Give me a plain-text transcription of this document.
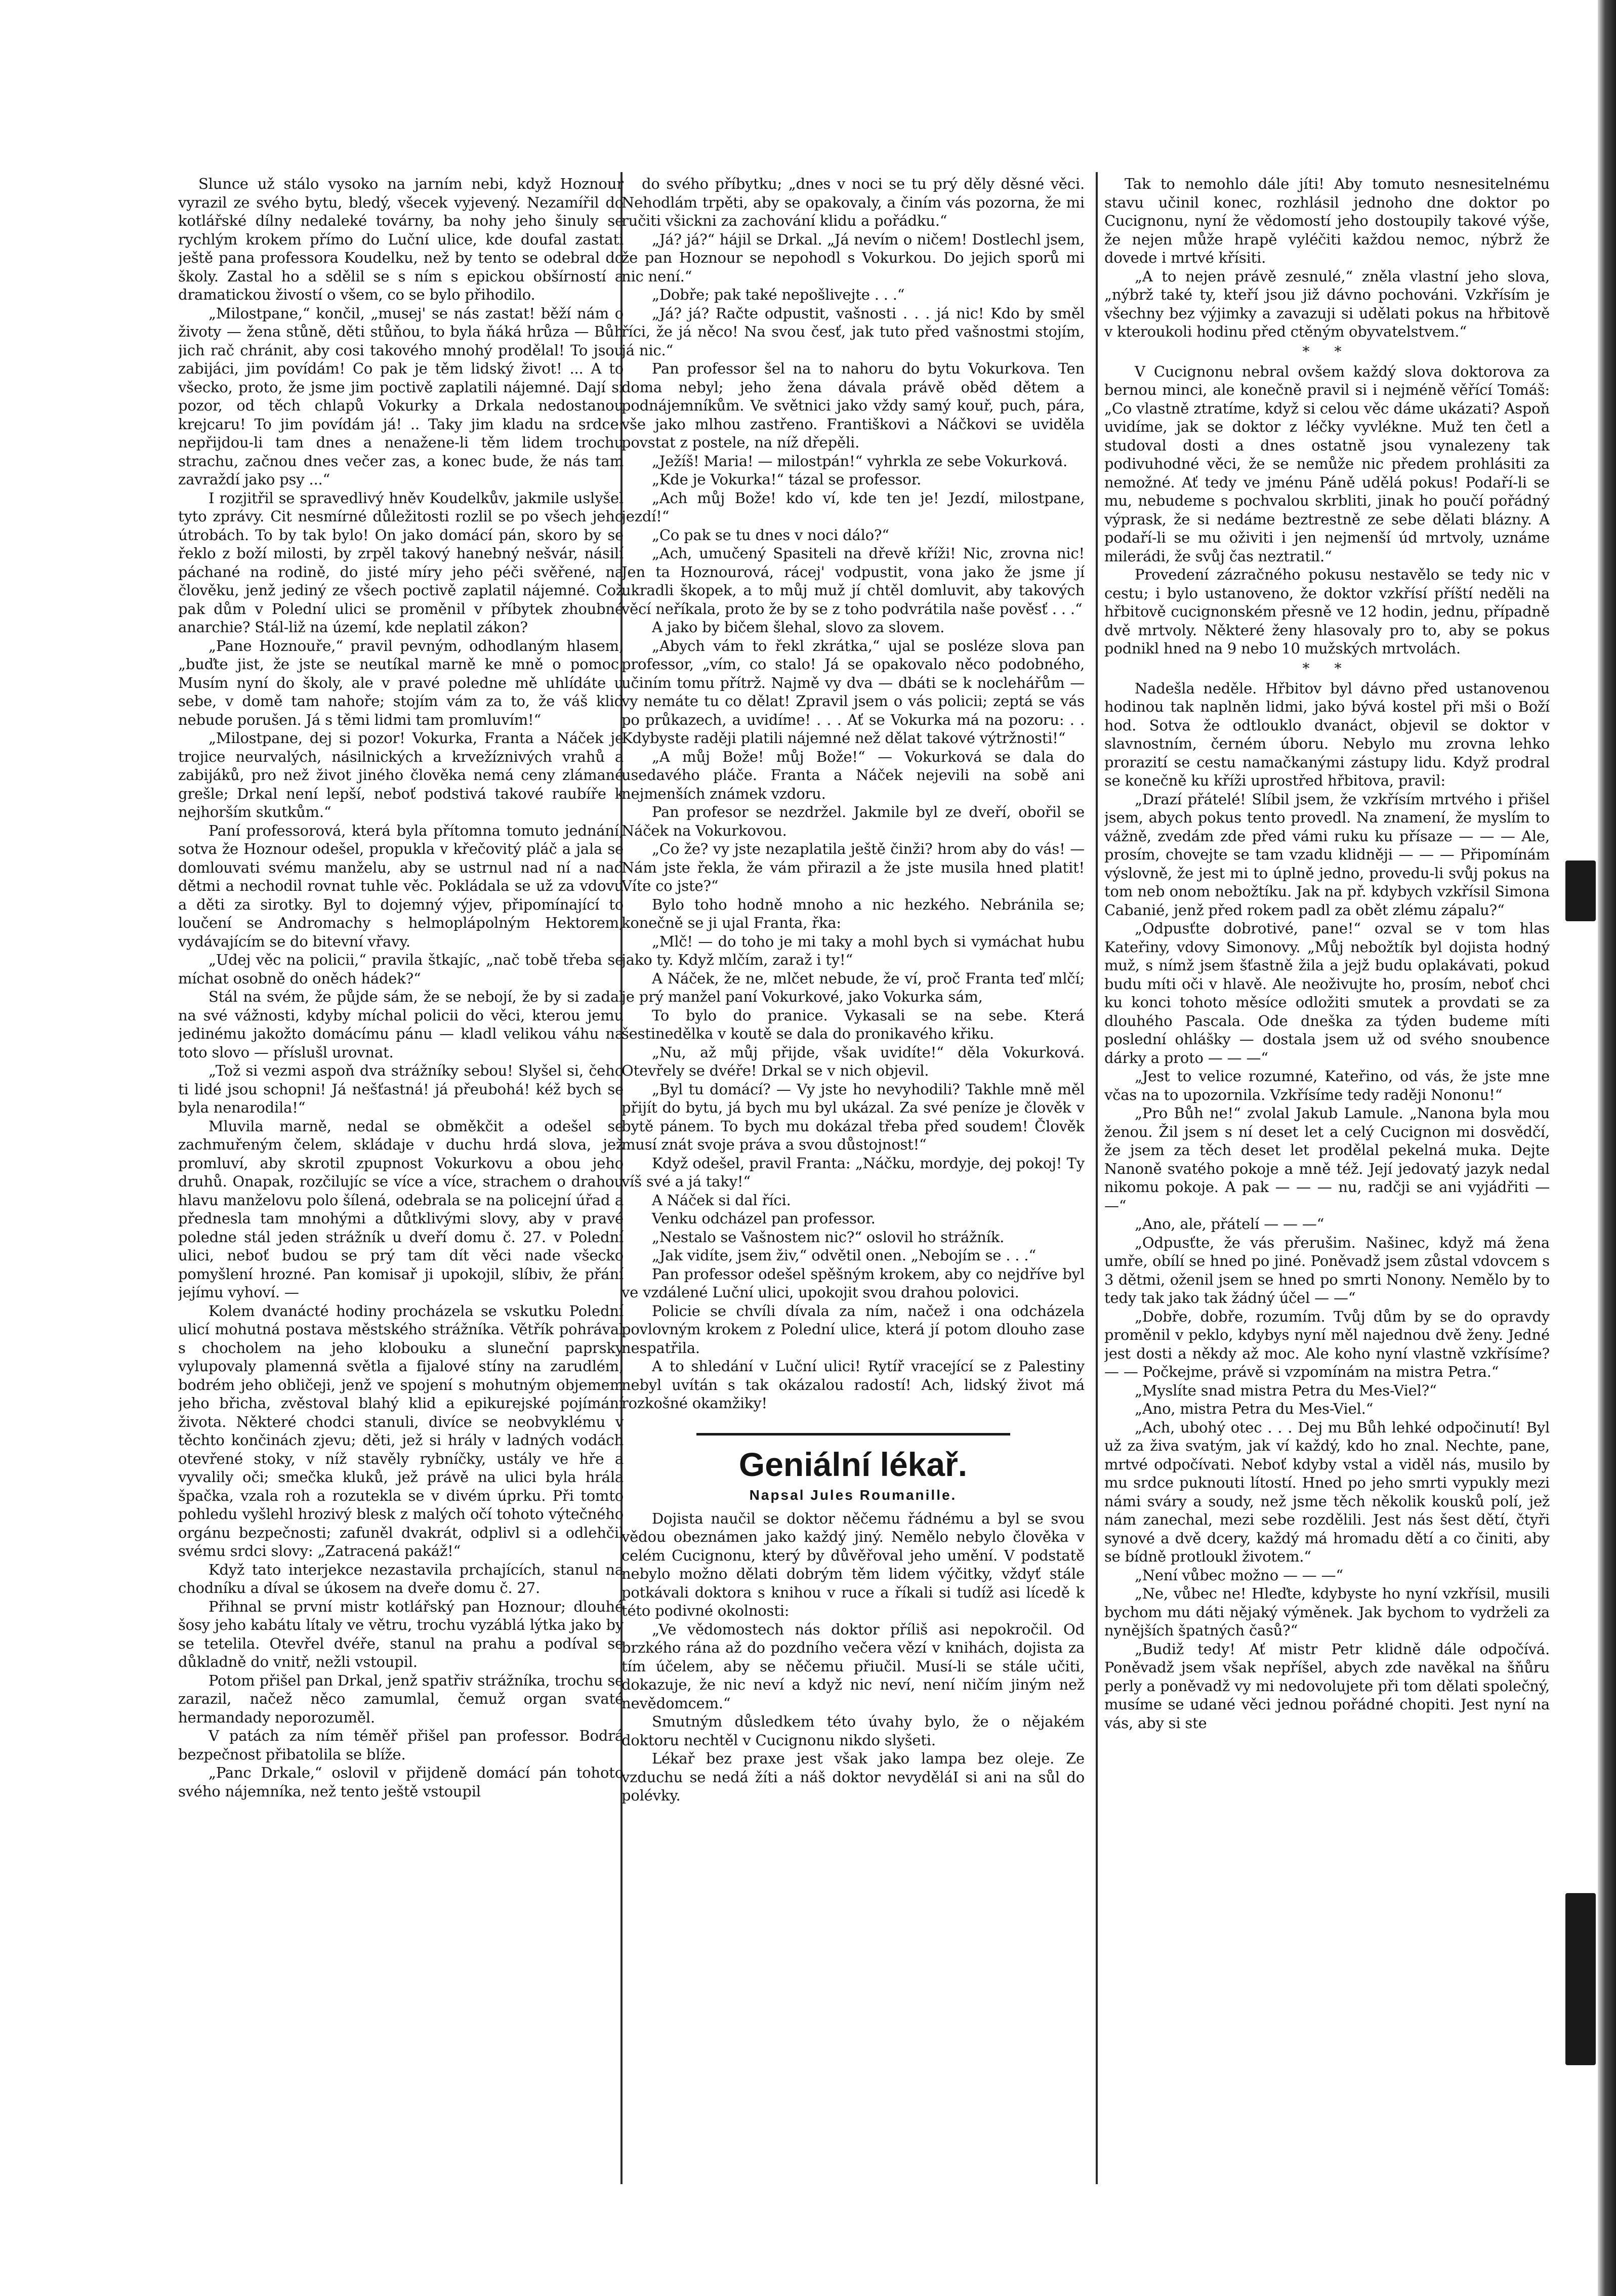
Slunce už stálo vysoko na jarním nebi, když Hoznour vyrazil ze svého bytu, bledý, všecek vyjevený. Nezamířil do kotlářské dílny nedaleké továrny, ba nohy jeho šinuly se rychlým krokem přímo do Luční ulice, kde doufal zastati ještě pana professora Koudelku, než by tento se odebral do školy. Zastal ho a sdělil se s ním s epickou obšírností a dramatickou živostí o všem, co se bylo přihodilo.

„Milostpane,“ končil, „musej' se nás zastat! běží nám o životy — žena stůně, děti stůňou, to byla ňáká hrůza — Bůh jich rač chránit, aby cosi takového mnohý prodělal! To jsou zabijáci, jim povídám! Co pak je těm lidský život! ... A to všecko, proto, že jsme jim poctivě zaplatili nájemné. Dají si pozor, od těch chlapů Vokurky a Drkala nedostanou krejcaru! To jim povídám já! .. Taky jim kladu na srdce: nepřijdou-li tam dnes a nenažene-li těm lidem trochu strachu, začnou dnes večer zas, a konec bude, že nás tam zavraždí jako psy ...“

I rozjitřil se spravedlivý hněv Koudelkův, jakmile uslyšel tyto zprávy. Cit nesmírné důležitosti rozlil se po všech jeho útrobách. To by tak bylo! On jako domácí pán, skoro by se řeklo z boží milosti, by zrpěl takový hanebný nešvár, násilí páchané na rodině, do jisté míry jeho péči svěřené, na člověku, jenž jediný ze všech poctivě zaplatil nájemné. Což pak dům v Polední ulici se proměnil v příbytek zhoubné anarchie? Stál-liž na území, kde neplatil zákon?

„Pane Hoznouře,“ pravil pevným, odhodlaným hlasem, „buďte jist, že jste se neutíkal marně ke mně o pomoc. Musím nyní do školy, ale v pravé poledne mě uhlídáte u sebe, v domě tam nahoře; stojím vám za to, že váš klid nebude porušen. Já s těmi lidmi tam promluvím!“

„Milostpane, dej si pozor! Vokurka, Franta a Náček je trojice neurvalých, násilnických a krvežíznivých vrahů a zabijáků, pro než život jiného člověka nemá ceny zlámané grešle; Drkal není lepší, neboť podstivá takové raubíře k nejhorším skutkům.“

Paní professorová, která byla přítomna tomuto jednání, sotva že Hoznour odešel, propukla v křečovitý pláč a jala se domlouvati svému manželu, aby se ustrnul nad ní a nad dětmi a nechodil rovnat tuhle věc. Pokládala se už za vdovu a děti za sirotky. Byl to dojemný výjev, připomínající to loučení se Andromachy s helmoplápolným Hektorem, vydávajícím se do bitevní vřavy.

„Udej věc na policii,“ pravila štkajíc, „nač tobě třeba se míchat osobně do oněch hádek?“

Stál na svém, že půjde sám, že se nebojí, že by si zadal na své vážnosti, kdyby míchal policii do věci, kterou jemu jedinému jakožto domácímu pánu — kladl velikou váhu na toto slovo — příslušl urovnat.

„Tož si vezmi aspoň dva strážníky sebou! Slyšel si, čeho ti lidé jsou schopni! Já nešťastná! já přeubohá! kéž bych se byla nenarodila!“

Mluvila marně, nedal se obměkčit a odešel se zachmuřeným čelem, skládaje v duchu hrdá slova, jež promluví, aby skrotil zpupnost Vokurkovu a obou jeho druhů. Onapak, rozčilujíc se více a více, strachem o drahou hlavu manželovu polo šílená, odebrala se na policejní úřad a přednesla tam mnohými a důtklivými slovy, aby v pravé poledne stál jeden strážník u dveří domu č. 27. v Polední ulici, neboť budou se prý tam dít věci nade všecko pomyšlení hrozné. Pan komisař ji upokojil, slíbiv, že přání jejímu vyhoví. —

Kolem dvanácté hodiny procházela se vskutku Polední ulicí mohutná postava městského strážníka. Větřík pohrával s chocholem na jeho klobouku a sluneční paprsky vylupovaly plamenná světla a fijalové stíny na zarudlém, bodrém jeho obličeji, jenž ve spojení s mohutným objemem jeho břicha, zvěstoval blahý klid a epikurejské pojímání života. Některé chodci stanuli, divíce se neobvyklému v těchto končinách zjevu; děti, jež si hrály v ladných vodách otevřené stoky, v níž stavěly rybníčky, ustály ve hře a vyvalily oči; smečka kluků, jež právě na ulici byla hrála špačka, vzala roh a rozutekla se v divém úprku. Při tomto pohledu vyšlehl hrozivý blesk z malých očí tohoto výtečného orgánu bezpečnosti; zafuněl dvakrát, odplivl si a odlehčil svému srdci slovy: „Zatracená pakáž!“

Když tato interjekce nezastavila prchajících, stanul na chodníku a díval se úkosem na dveře domu č. 27.

Přihnal se první mistr kotlářský pan Hoznour; dlouhé šosy jeho kabátu lítaly ve větru, trochu vyzáblá lýtka jako by se tetelila. Otevřel dvéře, stanul na prahu a podíval se důkladně do vnitř, nežli vstoupil.

Potom přišel pan Drkal, jenž spatřiv strážníka, trochu se zarazil, načež něco zamumlal, čemuž organ svaté hermandady neporozuměl.

V patách za ním téměř přišel pan professor. Bodrá bezpečnost přibatolila se blíže.

„Panc Drkale,“ oslovil v přijdeně domácí pán tohoto svého nájemníka, než tento ještě vstoupil

do svého příbytku; „dnes v noci se tu prý děly děsné věci. Nehodlám trpěti, aby se opakovaly, a činím vás pozorna, že mi ručiti všickni za zachování klidu a pořádku.“

„Já? já?“ hájil se Drkal. „Já nevím o ničem! Dostlechl jsem, že pan Hoznour se nepohodl s Vokurkou. Do jejich sporů mi nic není.“

„Dobře; pak také nepošlivejte . . .“

„Já? já? Račte odpustit, vašnosti . . . já nic! Kdo by směl říci, že já něco! Na svou česť, jak tuto před vašnostmi stojím, já nic.“

Pan professor šel na to nahoru do bytu Vokurkova. Ten doma nebyl; jeho žena dávala právě oběd dětem a podnájemníkům. Ve světnici jako vždy samý kouř, puch, pára, vše jako mlhou zastřeno. Františkovi a Náčkovi se uviděla povstat z postele, na níž dřepěli.

„Ježíš! Maria! — milostpán!“ vyhrkla ze sebe Vokurková.

„Kde je Vokurka!“ tázal se professor.

„Ach můj Bože! kdo ví, kde ten je! Jezdí, milostpane, jezdí!“

„Co pak se tu dnes v noci dálo?“

„Ach, umučený Spasiteli na dřevě kříži! Nic, zrovna nic! Jen ta Hoznourová, rácej' vodpustit, vona jako že jsme jí ukradli škopek, a to můj muž jí chtěl domluvit, aby takových věcí neříkala, proto že by se z toho podvrátila naše pověsť . . .“

A jako by bičem šlehal, slovo za slovem.

„Abych vám to řekl zkrátka,“ ujal se posléze slova pan professor, „vím, co stalo! Já se opakovalo něco podobného, učiním tomu přítrž. Najmě vy dva — dbáti se k noclehářům — vy nemáte tu co dělat! Zpravil jsem o vás policii; zeptá se vás po průkazech, a uvidíme! . . . Ať se Vokurka má na pozoru: . . Kdybyste raději platili nájemné než dělat takové výtržnosti!“

„A můj Bože! můj Bože!“ — Vokurková se dala do usedavého pláče. Franta a Náček nejevili na sobě ani nejmenších známek vzdoru.

Pan profesor se nezdržel. Jakmile byl ze dveří, obořil se Náček na Vokurkovou.

„Co že? vy jste nezaplatila ještě činži? hrom aby do vás! — Nám jste řekla, že vám přirazil a že jste musila hned platit! Víte co jste?“

Bylo toho hodně mnoho a nic hezkého. Nebránila se; konečně se ji ujal Franta, řka:

„Mlč! — do toho je mi taky a mohl bych si vymáchat hubu jako ty. Když mlčím, zaraž i ty!“

A Náček, že ne, mlčet nebude, že ví, proč Franta teď mlčí; je prý manžel paní Vokurkové, jako Vokurka sám,

To bylo do pranice. Vykasali se na sebe. Která šestinedělka v koutě se dala do pronikavého křiku.

„Nu, až můj přijde, však uvidíte!“ děla Vokurková. Otevřely se dvéře! Drkal se v nich objevil.

„Byl tu domácí? — Vy jste ho nevyhodili? Takhle mně měl přijít do bytu, já bych mu byl ukázal. Za své peníze je člověk v bytě pánem. To bych mu dokázal třeba před soudem! Člověk musí znát svoje práva a svou důstojnost!“

Když odešel, pravil Franta: „Náčku, mordyje, dej pokoj! Ty víš své a já taky!“

A Náček si dal říci.

Venku odcházel pan professor.

„Nestalo se Vašnostem nic?“ oslovil ho strážník.

„Jak vidíte, jsem živ,“ odvětil onen. „Nebojím se . . .“

Pan professor odešel spěšným krokem, aby co nejdříve byl ve vzdálené Luční ulici, upokojit svou drahou polovici.

Policie se chvíli dívala za ním, načež i ona odcházela povlovným krokem z Polední ulice, která jí potom dlouho zase nespatřila.

A to shledání v Luční ulici! Rytíř vracející se z Palestiny nebyl uvítán s tak okázalou radostí! Ach, lidský život má rozkošné okamžiky!

Geniální lékař.

Napsal Jules Roumanille.

Dojista naučil se doktor něčemu řádnému a byl se svou vědou obeznámen jako každý jiný. Nemělo nebylo člověka v celém Cucignonu, který by důvěřoval jeho umění. V podstatě nebylo možno dělati dobrým těm lidem výčitky, vždyť stále potkávali doktora s knihou v ruce a říkali si tudíž asi lícedě k této podivné okolnosti:

„Ve vědomostech nás doktor příliš asi nepokročil. Od brzkého rána až do pozdního večera vězí v knihách, dojista za tím účelem, aby se něčemu přiučil. Musí-li se stále učiti, dokazuje, že nic neví a když nic neví, není ničím jiným než nevědomcem.“

Smutným důsledkem této úvahy bylo, že o nějakém doktoru nechtěl v Cucignonu nikdo slyšeti.

Lékař bez praxe jest však jako lampa bez oleje. Ze vzduchu se nedá žíti a náš doktor nevyděláI si ani na sůl do polévky.

Tak to nemohlo dále jíti! Aby tomuto nesnesitelnému stavu učinil konec, rozhlásil jednoho dne doktor po Cucignonu, nyní že vědomostí jeho dostoupily takové výše, že nejen může hrapě vyléčiti každou nemoc, nýbrž že dovede i mrtvé křísiti.

„A to nejen právě zesnulé,“ zněla vlastní jeho slova, „nýbrž také ty, kteří jsou již dávno pochováni. Vzkřísím je všechny bez výjimky a zavazuji si udělati pokus na hřbitově v kteroukoli hodinu před ctěným obyvatelstvem.“

* *

V Cucignonu nebral ovšem každý slova doktorova za bernou minci, ale konečně pravil si i nejméně věřící Tomáš: „Co vlastně ztratíme, když si celou věc dáme ukázati? Aspoň uvidíme, jak se doktor z léčky vyvlékne. Muž ten četl a studoval dosti a dnes ostatně jsou vynalezeny tak podivuhodné věci, že se nemůže nic předem prohlásiti za nemožné. Ať tedy ve jménu Páně udělá pokus! Podaří-li se mu, nebudeme s pochvalou skrbliti, jinak ho poučí pořádný výprask, že si nedáme beztrestně ze sebe dělati blázny. A podaří-li se mu oživiti i jen nejmenší úd mrtvoly, uznáme milerádi, že svůj čas neztratil.“

Provedení zázračného pokusu nestavělo se tedy nic v cestu; i bylo ustanoveno, že doktor vzkřísí příští neděli na hřbitově cucignonském přesně ve 12 hodin, jednu, případně dvě mrtvoly. Některé ženy hlasovaly pro to, aby se pokus podnikl hned na 9 nebo 10 mužských mrtvolách.

* *

Nadešla neděle. Hřbitov byl dávno před ustanovenou hodinou tak naplněn lidmi, jako bývá kostel při mši o Boží hod. Sotva že odtlouklo dvanáct, objevil se doktor v slavnostním, černém úboru. Nebylo mu zrovna lehko prorazití se cestu namačkanými zástupy lidu. Když prodral se konečně ku kříži uprostřed hřbitova, pravil:

„Drazí přátelé! Slíbil jsem, že vzkřísím mrtvého i přišel jsem, abych pokus tento provedl. Na znamení, že myslím to vážně, zvedám zde před vámi ruku ku přísaze — — — Ale, prosím, chovejte se tam vzadu klidněji — — — Připomínám výslovně, že jest mi to úplně jedno, provedu-li svůj pokus na tom neb onom nebožtíku. Jak na př. kdybych vzkřísil Simona Cabanié, jenž před rokem padl za obět zlému zápalu?“

„Odpusťte dobrotivé, pane!“ ozval se v tom hlas Kateřiny, vdovy Simonovy. „Můj nebožtík byl dojista hodný muž, s nímž jsem šťastně žila a jejž budu oplakávati, pokud budu míti oči v hlavě. Ale neoživujte ho, prosím, neboť chci ku konci tohoto měsíce odložiti smutek a provdati se za dlouhého Pascala. Ode dneška za týden budeme míti poslední ohlášky — dostala jsem už od svého snoubence dárky a proto — — —“

„Jest to velice rozumné, Kateřino, od vás, že jste mne včas na to upozornila. Vzkřísíme tedy raději Nononu!“

„Pro Bůh ne!“ zvolal Jakub Lamule. „Nanona byla mou ženou. Žil jsem s ní deset let a celý Cucignon mi dosvědčí, že jsem za těch deset let prodělal pekelná muka. Dejte Nanoně svatého pokoje a mně též. Její jedovatý jazyk nedal nikomu pokoje. A pak — — — nu, radčji se ani vyjádřiti — —“

„Ano, ale, přátelí — — —“

„Odpusťte, že vás přerušim. Našinec, když má žena umře, obílí se hned po jiné. Poněvadž jsem zůstal vdovcem s 3 dětmi, oženil jsem se hned po smrti Nonony. Nemělo by to tedy tak jako tak žádný účel — —“

„Dobře, dobře, rozumím. Tvůj dům by se do opravdy proměnil v peklo, kdybys nyní měl najednou dvě ženy. Jedné jest dosti a někdy až moc. Ale koho nyní vlastně vzkřísíme? — — Počkejme, právě si vzpomínám na mistra Petra.“

„Myslíte snad mistra Petra du Mes-Viel?“

„Ano, mistra Petra du Mes-Viel.“

„Ach, ubohý otec . . . Dej mu Bůh lehké odpočinutí! Byl už za živa svatým, jak ví každý, kdo ho znal. Nechte, pane, mrtvé odpočívati. Neboť kdyby vstal a viděl nás, musilo by mu srdce puknouti lítostí. Hned po jeho smrti vypukly mezi námi sváry a soudy, než jsme těch několik kousků polí, jež nám zanechal, mezi sebe rozdělili. Jest nás šest dětí, čtyři synové a dvě dcery, každý má hromadu dětí a co činiti, aby se bídně protloukl životem.“

„Není vůbec možno — — —“

„Ne, vůbec ne! Hleďte, kdybyste ho nyní vzkřísil, musili bychom mu dáti nějaký výměnek. Jak bychom to vydrželi za nynějších špatných časů?“

„Budiž tedy! Ať mistr Petr klidně dále odpočívá. Poněvadž jsem však nepříšel, abych zde navěkal na šňůru perly a poněvadž vy mi nedovolujete při tom dělati společný, musíme se udané věci jednou pořádné chopiti. Jest nyní na vás, aby si ste
